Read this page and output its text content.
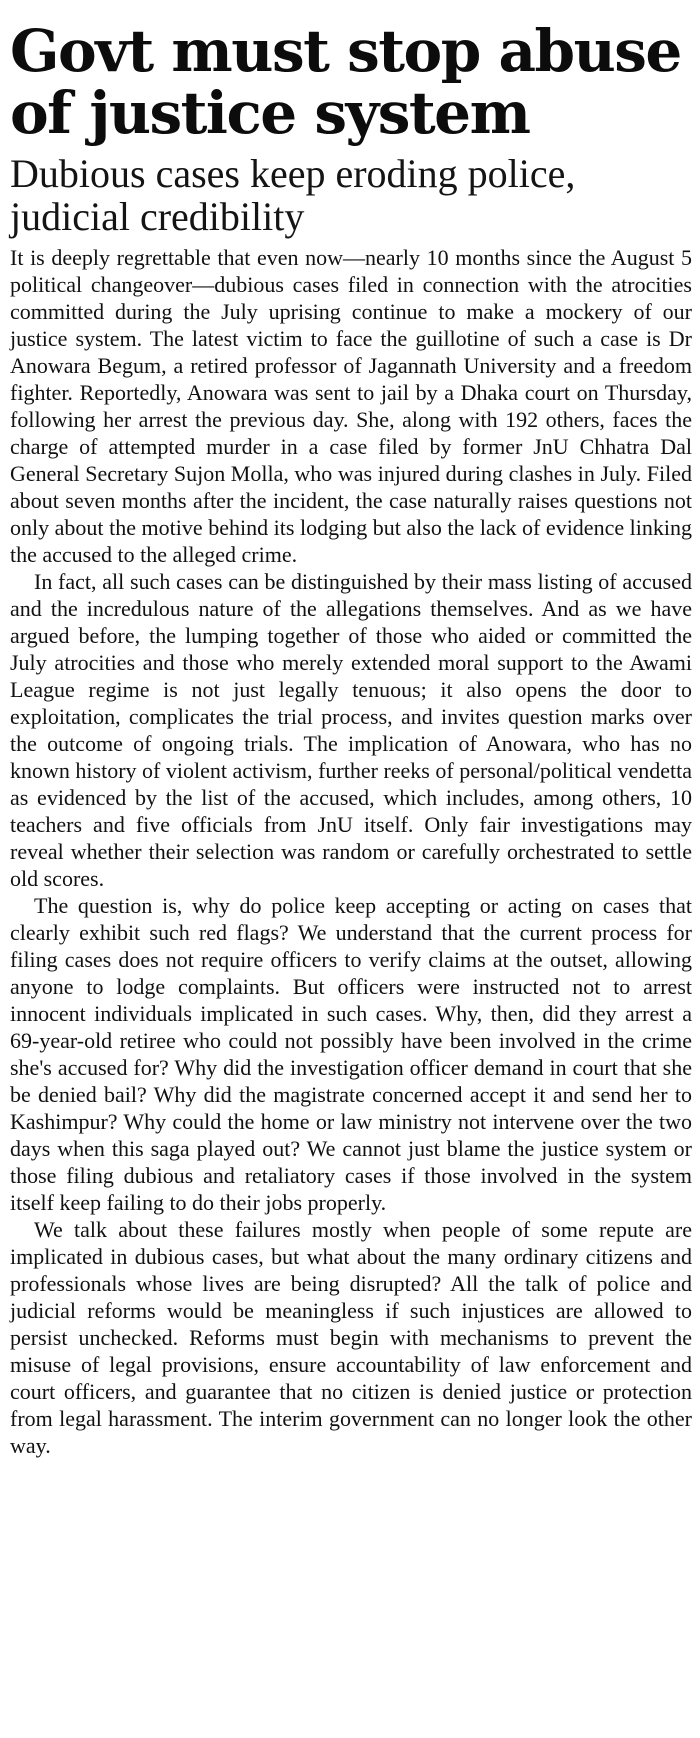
Govt must stop abuse of justice system
Dubious cases keep eroding police, judicial credibility

It is deeply regrettable that even now—nearly 10 months since the August 5 political changeover—dubious cases filed in connection with the atrocities committed during the July uprising continue to make a mockery of our justice system. The latest victim to face the guillotine of such a case is Dr Anowara Begum, a retired professor of Jagannath University and a freedom fighter. Reportedly, Anowara was sent to jail by a Dhaka court on Thursday, following her arrest the previous day. She, along with 192 others, faces the charge of attempted murder in a case filed by former JnU Chhatra Dal General Secretary Sujon Molla, who was injured during clashes in July. Filed about seven months after the incident, the case naturally raises questions not only about the motive behind its lodging but also the lack of evidence linking the accused to the alleged crime.

In fact, all such cases can be distinguished by their mass listing of accused and the incredulous nature of the allegations themselves. And as we have argued before, the lumping together of those who aided or committed the July atrocities and those who merely extended moral support to the Awami League regime is not just legally tenuous; it also opens the door to exploitation, complicates the trial process, and invites question marks over the outcome of ongoing trials. The implication of Anowara, who has no known history of violent activism, further reeks of personal/political vendetta as evidenced by the list of the accused, which includes, among others, 10 teachers and five officials from JnU itself. Only fair investigations may reveal whether their selection was random or carefully orchestrated to settle old scores.

The question is, why do police keep accepting or acting on cases that clearly exhibit such red flags? We understand that the current process for filing cases does not require officers to verify claims at the outset, allowing anyone to lodge complaints. But officers were instructed not to arrest innocent individuals implicated in such cases. Why, then, did they arrest a 69-year-old retiree who could not possibly have been involved in the crime she's accused for? Why did the investigation officer demand in court that she be denied bail? Why did the magistrate concerned accept it and send her to Kashimpur? Why could the home or law ministry not intervene over the two days when this saga played out? We cannot just blame the justice system or those filing dubious and retaliatory cases if those involved in the system itself keep failing to do their jobs properly.

We talk about these failures mostly when people of some repute are implicated in dubious cases, but what about the many ordinary citizens and professionals whose lives are being disrupted? All the talk of police and judicial reforms would be meaningless if such injustices are allowed to persist unchecked. Reforms must begin with mechanisms to prevent the misuse of legal provisions, ensure accountability of law enforcement and court officers, and guarantee that no citizen is denied justice or protection from legal harassment. The interim government can no longer look the other way.
